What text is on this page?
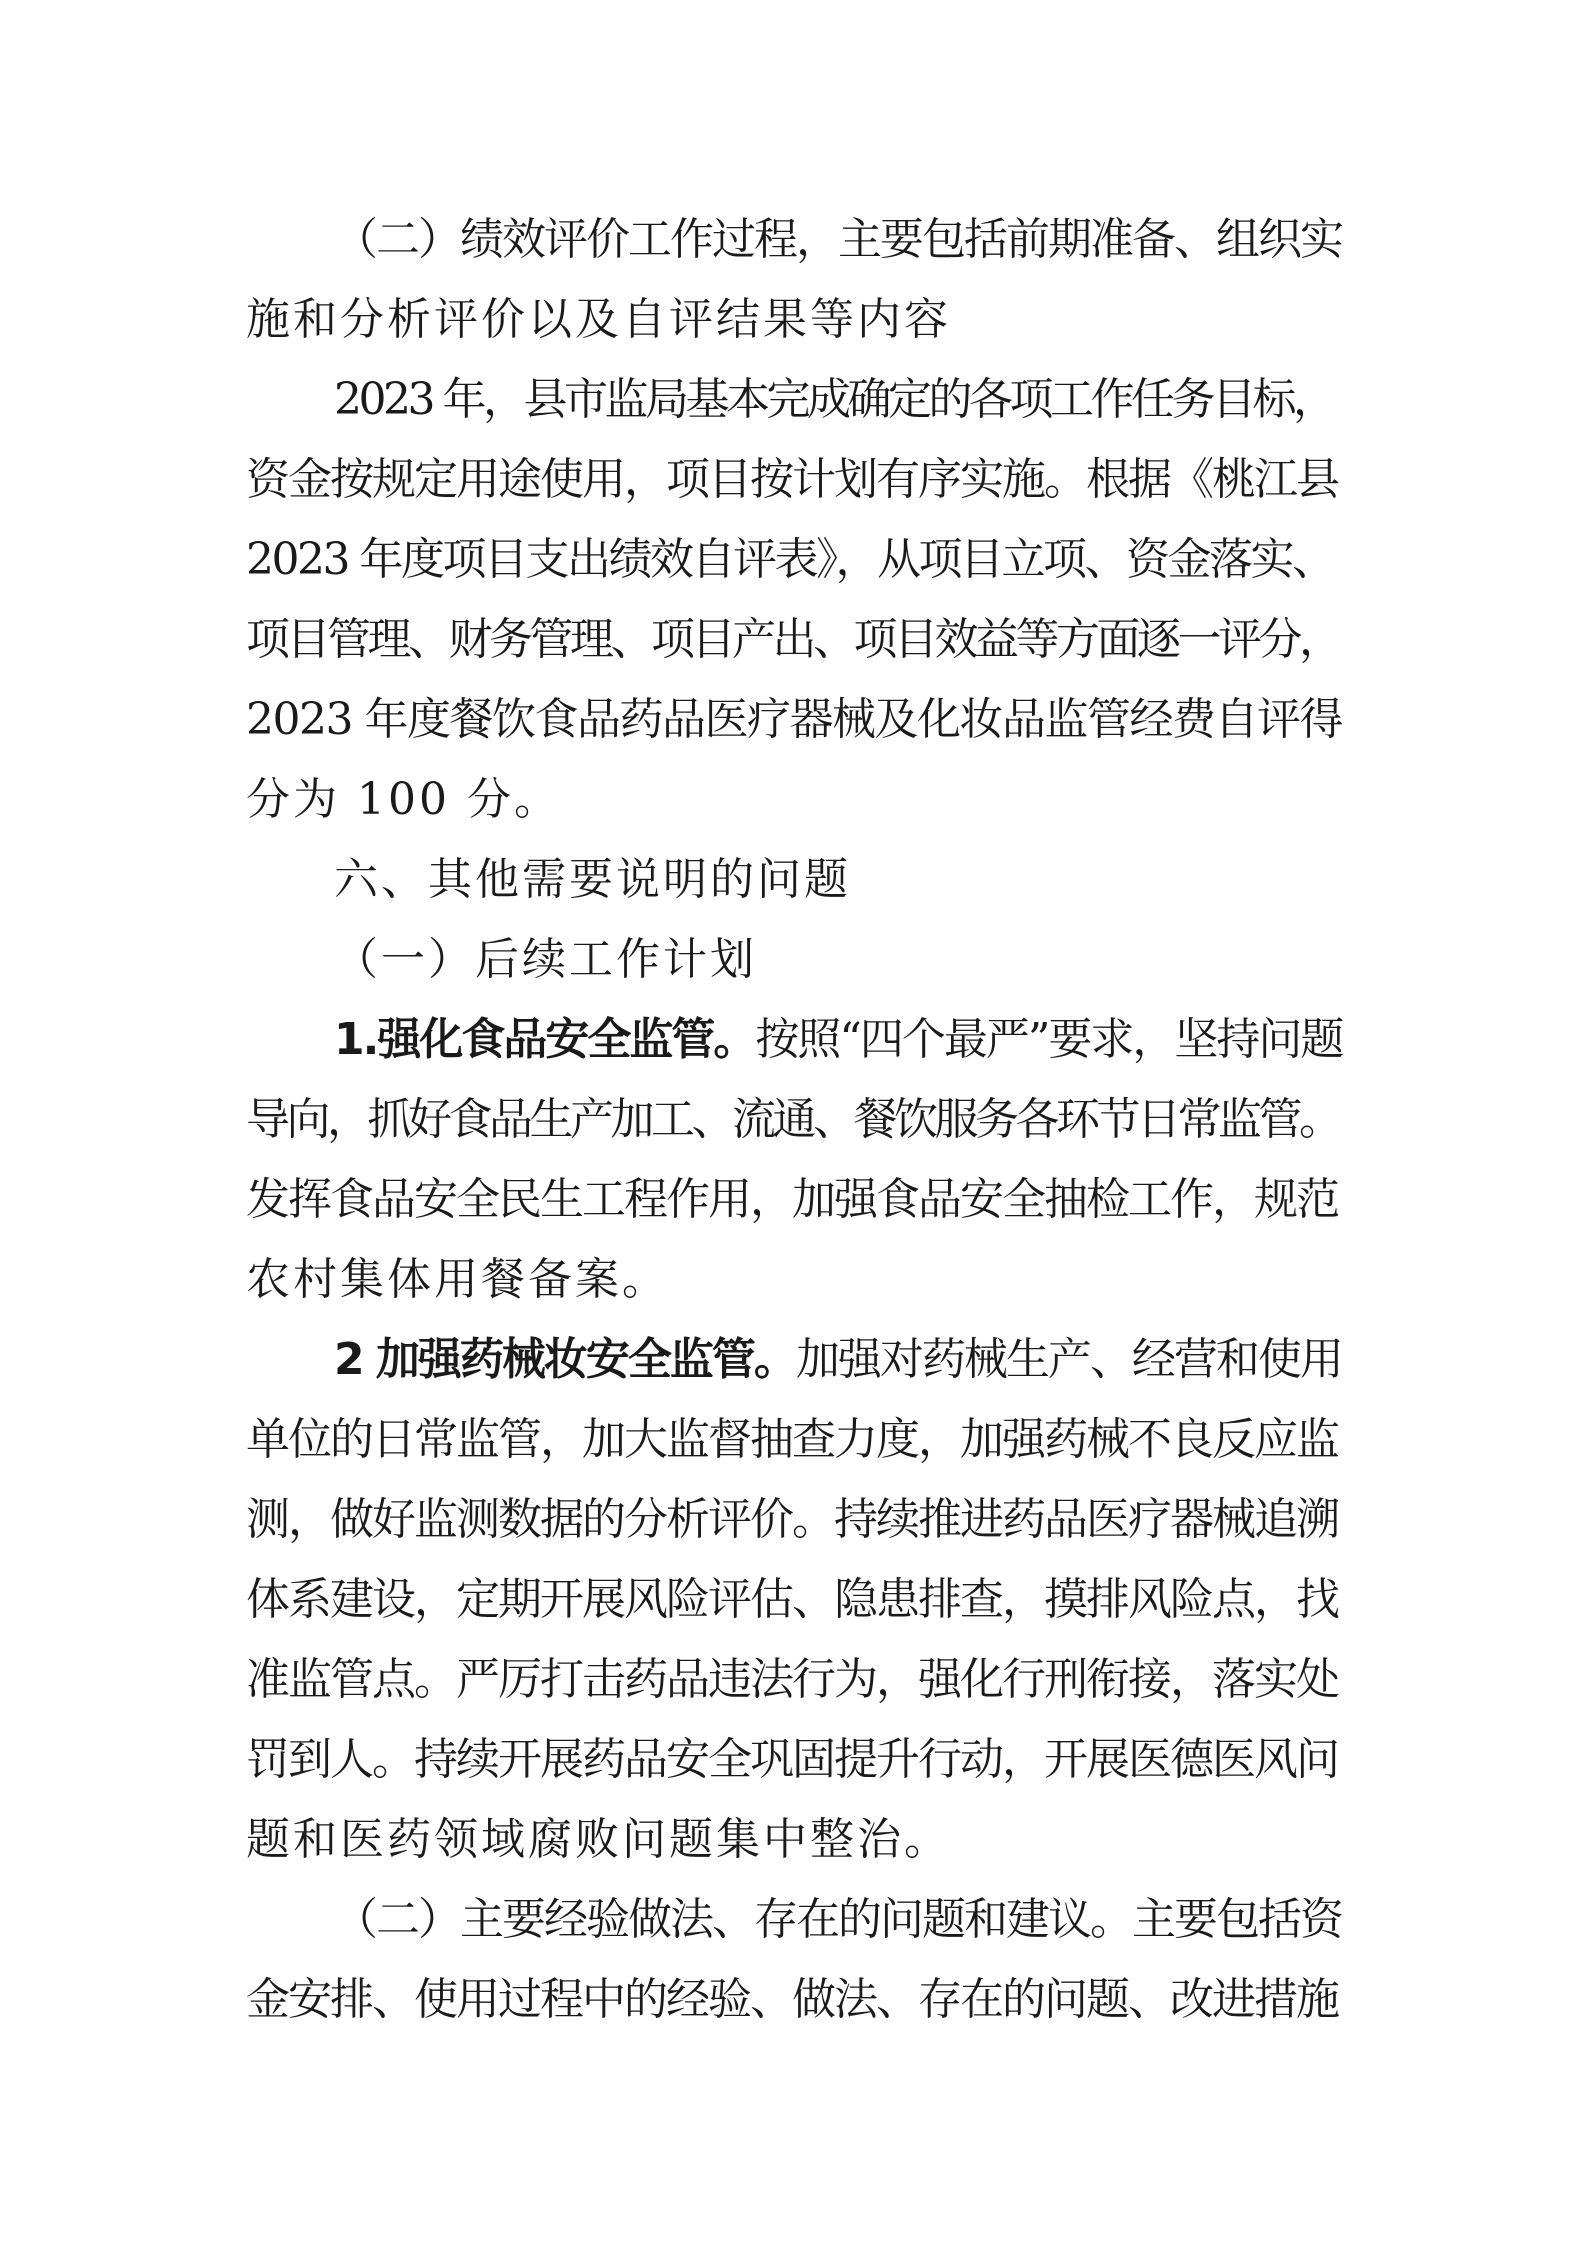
（二）绩效评价工作过程，主要包括前期准备、组织实

施和分析评价以及自评结果等内容

2023 年，县市监局基本完成确定的各项工作任务目标，

资金按规定用途使用，项目按计划有序实施。根据《桃江县

2023 年度项目支出绩效自评表》，从项目立项、资金落实、

项目管理、财务管理、项目产出、项目效益等方面逐一评分，

2023 年度餐饮食品药品医疗器械及化妆品监管经费自评得

分为 100 分。

六、其他需要说明的问题

（一）后续工作计划

1.强化食品安全监管。按照“四个最严”要求，坚持问题

导向，抓好食品生产加工、流通、餐饮服务各环节日常监管。

发挥食品安全民生工程作用，加强食品安全抽检工作，规范

农村集体用餐备案。

2 加强药械妆安全监管。加强对药械生产、经营和使用

单位的日常监管，加大监督抽查力度，加强药械不良反应监

测，做好监测数据的分析评价。持续推进药品医疗器械追溯

体系建设，定期开展风险评估、隐患排查，摸排风险点，找

准监管点。严厉打击药品违法行为，强化行刑衔接，落实处

罚到人。持续开展药品安全巩固提升行动，开展医德医风问

题和医药领域腐败问题集中整治。

（二）主要经验做法、存在的问题和建议。主要包括资

金安排、使用过程中的经验、做法、存在的问题、改进措施
